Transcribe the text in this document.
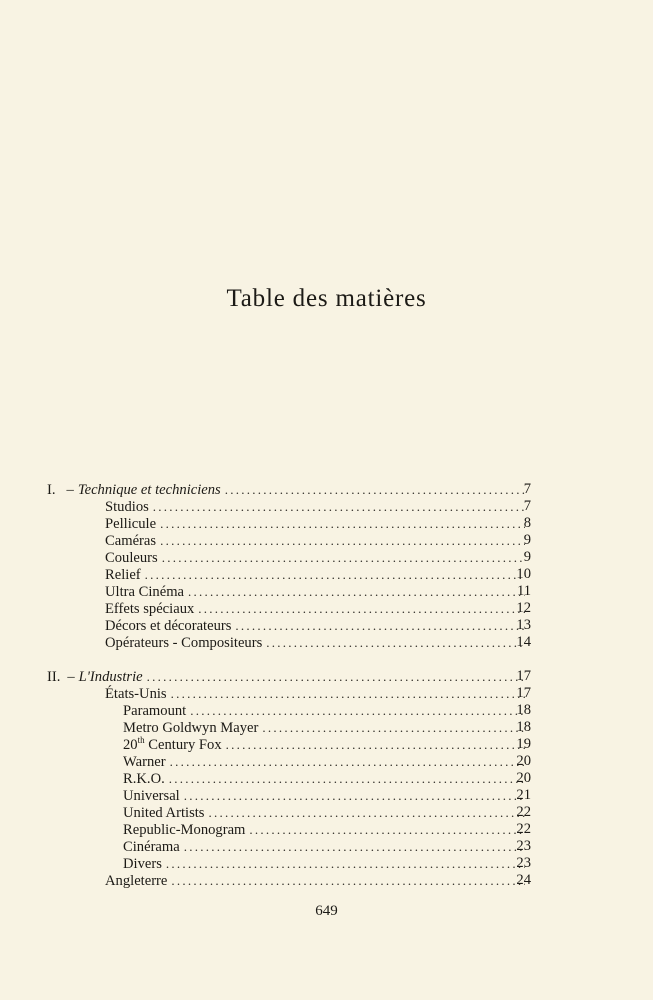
Table des matières
I. – Technique et techniciens . . .	7
Studios . . .	7
Pellicule . . .	8
Caméras . . .	9
Couleurs . . .	9
Relief . . .	10
Ultra Cinéma . . .	11
Effets spéciaux . . .	12
Décors et décorateurs . . .	13
Opérateurs - Compositeurs . . .	14
II. – L'Industrie . . .	17
États-Unis . . .	17
Paramount . . .	18
Metro Goldwyn Mayer . . .	18
20th Century Fox . . .	19
Warner . . .	20
R.K.O. . . .	20
Universal . . .	21
United Artists . . .	22
Republic-Monogram . . .	22
Cinérama . . .	23
Divers . . .	23
Angleterre . . .	24
649
